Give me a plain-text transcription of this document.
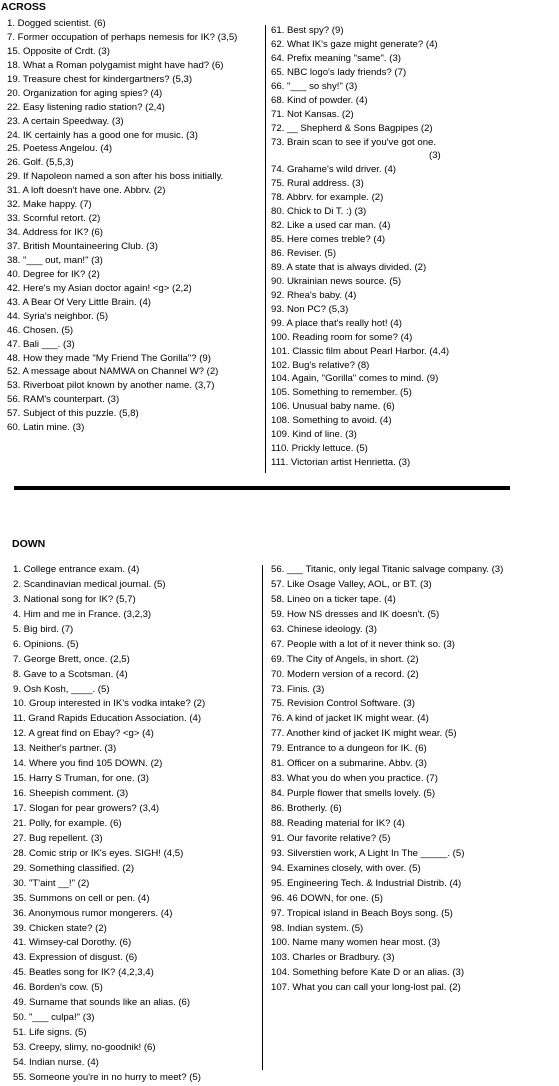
ACROSS
1. Dogged scientist. (6)
7. Former occupation of perhaps nemesis for IK? (3,5)
15. Opposite of Crdt. (3)
18. What a Roman polygamist might have had? (6)
19. Treasure chest for kindergartners? (5,3)
20. Organization for aging spies? (4)
22. Easy listening radio station? (2,4)
23. A certain Speedway. (3)
24. IK certainly has a good one for music. (3)
25. Poetess Angelou. (4)
26. Golf. (5,5,3)
29. If Napoleon named a son after his boss initially.
31. A loft doesn't have one. Abbrv. (2)
32. Make happy. (7)
33. Scornful retort. (2)
34. Address for IK? (6)
37. British Mountaineering Club. (3)
38. "___ out, man!" (3)
40. Degree for IK? (2)
42. Here's my Asian doctor again! <g> (2,2)
43. A Bear Of Very Little Brain. (4)
44. Syria's neighbor. (5)
46. Chosen. (5)
47. Bali ___. (3)
48. How they made "My Friend The Gorilla"? (9)
52. A message about NAMWA on Channel W? (2)
53. Riverboat pilot known by another name. (3,7)
56. RAM's counterpart. (3)
57. Subject of this puzzle. (5,8)
60. Latin mine. (3)
61. Best spy? (9)
62. What IK's gaze might generate? (4)
64. Prefix meaning "same". (3)
65. NBC logo's lady friends? (7)
66. "___ so shy!" (3)
68. Kind of powder. (4)
71. Not Kansas. (2)
72. __ Shepherd & Sons Bagpipes (2)
73. Brain scan to see if you've got one.
(3)
74. Grahame's wild driver. (4)
75. Rural address. (3)
78. Abbrv. for example. (2)
80. Chick to Di T. :) (3)
82. Like a used car man. (4)
85. Here comes treble? (4)
86. Reviser. (5)
89. A state that is always divided. (2)
90. Ukrainian news source. (5)
92. Rhea's baby. (4)
93. Non PC? (5,3)
99. A place that's really hot! (4)
100. Reading room for some? (4)
101. Classic film about Pearl Harbor. (4,4)
102. Bug's relative? (8)
104. Again, "Gorilla" comes to mind. (9)
105. Something to remember. (5)
106. Unusual baby name. (6)
108. Something to avoid. (4)
109. Kind of line. (3)
110. Prickly lettuce. (5)
111. Victorian artist Henrietta. (3)
DOWN
1. College entrance exam. (4)
2. Scandinavian medical journal. (5)
3. National song for IK? (5,7)
4. Him and me in France. (3,2,3)
5. Big bird. (7)
6. Opinions. (5)
7. George Brett, once. (2,5)
8. Gave to a Scotsman. (4)
9. Osh Kosh, ____. (5)
10. Group interested in IK's vodka intake? (2)
11. Grand Rapids Education Association. (4)
12. A great find on Ebay? <g> (4)
13. Neither's partner. (3)
14. Where you find 105 DOWN. (2)
15. Harry S Truman, for one. (3)
16. Sheepish comment. (3)
17. Slogan for pear growers? (3,4)
21. Polly, for example. (6)
27. Bug repellent. (3)
28. Comic strip or IK's eyes. SIGH! (4,5)
29. Something classified. (2)
30. "T'aint __!" (2)
35. Summons on cell or pen. (4)
36. Anonymous rumor mongerers. (4)
39. Chicken state? (2)
41. Wimsey-cal Dorothy. (6)
43. Expression of disgust. (6)
45. Beatles song for IK? (4,2,3,4)
46. Borden's cow. (5)
49. Surname that sounds like an alias. (6)
50. "___ culpa!" (3)
51. Life signs. (5)
53. Creepy, slimy, no-goodnik! (6)
54. Indian nurse. (4)
55. Someone you're in no hurry to meet? (5)
56. ___ Titanic, only legal Titanic salvage company. (3)
57. Like Osage Valley, AOL, or BT. (3)
58. Lineo on a ticker tape. (4)
59. How NS dresses and IK doesn't. (5)
63. Chinese ideology. (3)
67. People with a lot of it never think so. (3)
69. The City of Angels, in short. (2)
70. Modern version of a record. (2)
73. Finis. (3)
75. Revision Control Software. (3)
76. A kind of jacket IK might wear. (4)
77. Another kind of jacket IK might wear. (5)
79. Entrance to a dungeon for IK. (6)
81. Officer on a submarine. Abbv. (3)
83. What you do when you practice. (7)
84. Purple flower that smells lovely. (5)
86. Brotherly. (6)
88. Reading material for IK? (4)
91. Our favorite relative? (5)
93. Silverstien work, A Light In The _____. (5)
94. Examines closely, with over. (5)
95. Engineering Tech. & Industrial Distrib. (4)
96. 46 DOWN, for one. (5)
97. Tropical island in Beach Boys song. (5)
98. Indian system. (5)
100. Name many women hear most. (3)
103. Charles or Bradbury. (3)
104. Something before Kate D or an alias. (3)
107. What you can call your long-lost pal. (2)
